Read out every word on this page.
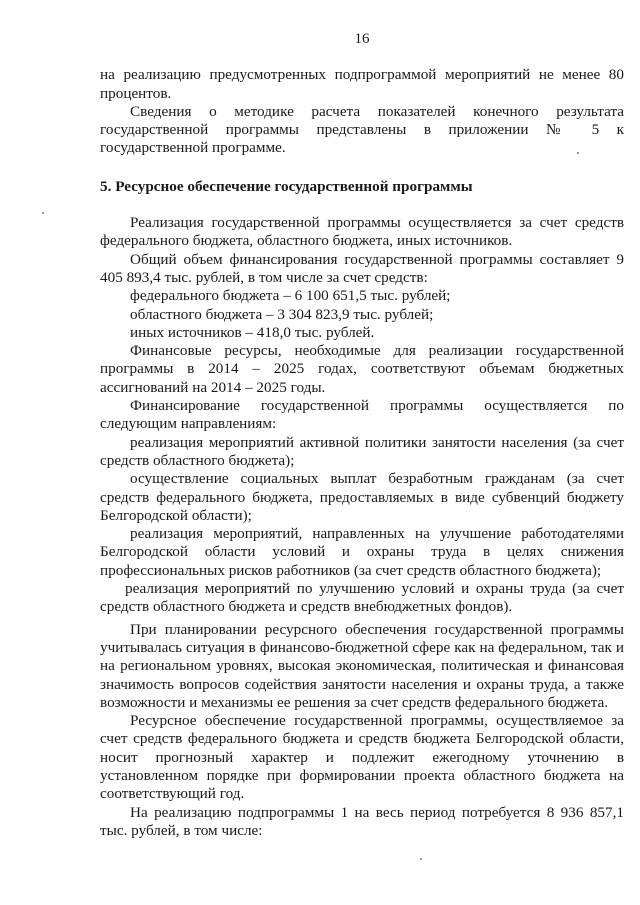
16

на реализацию предусмотренных подпрограммой мероприятий не менее 80 процентов.

Сведения о методике расчета показателей конечного результата государственной программы представлены в приложении № 5 к государственной программе.

5. Ресурсное обеспечение государственной программы

Реализация государственной программы осуществляется за счет средств федерального бюджета, областного бюджета, иных источников.

Общий объем финансирования государственной программы составляет 9 405 893,4 тыс. рублей, в том числе за счет средств:

федерального бюджета – 6 100 651,5 тыс. рублей;

областного бюджета – 3 304 823,9 тыс. рублей;

иных источников – 418,0 тыс. рублей.

Финансовые ресурсы, необходимые для реализации государственной программы в 2014 – 2025 годах, соответствуют объемам бюджетных ассигнований на 2014 – 2025 годы.

Финансирование государственной программы осуществляется по следующим направлениям:

реализация мероприятий активной политики занятости населения (за счет средств областного бюджета);

осуществление социальных выплат безработным гражданам (за счет средств федерального бюджета, предоставляемых в виде субвенций бюджету Белгородской области);

реализация мероприятий, направленных на улучшение работодателями Белгородской области условий и охраны труда в целях снижения профессиональных рисков работников (за счет средств областного бюджета);

реализация мероприятий по улучшению условий и охраны труда (за счет средств областного бюджета и средств внебюджетных фондов).

При планировании ресурсного обеспечения государственной программы учитывалась ситуация в финансово-бюджетной сфере как на федеральном, так и на региональном уровнях, высокая экономическая, политическая и финансовая значимость вопросов содействия занятости населения и охраны труда, а также возможности и механизмы ее решения за счет средств федерального бюджета.

Ресурсное обеспечение государственной программы, осуществляемое за счет средств федерального бюджета и средств бюджета Белгородской области, носит прогнозный характер и подлежит ежегодному уточнению в установленном порядке при формировании проекта областного бюджета на соответствующий год.

На реализацию подпрограммы 1 на весь период потребуется 8 936 857,1 тыс. рублей, в том числе:
